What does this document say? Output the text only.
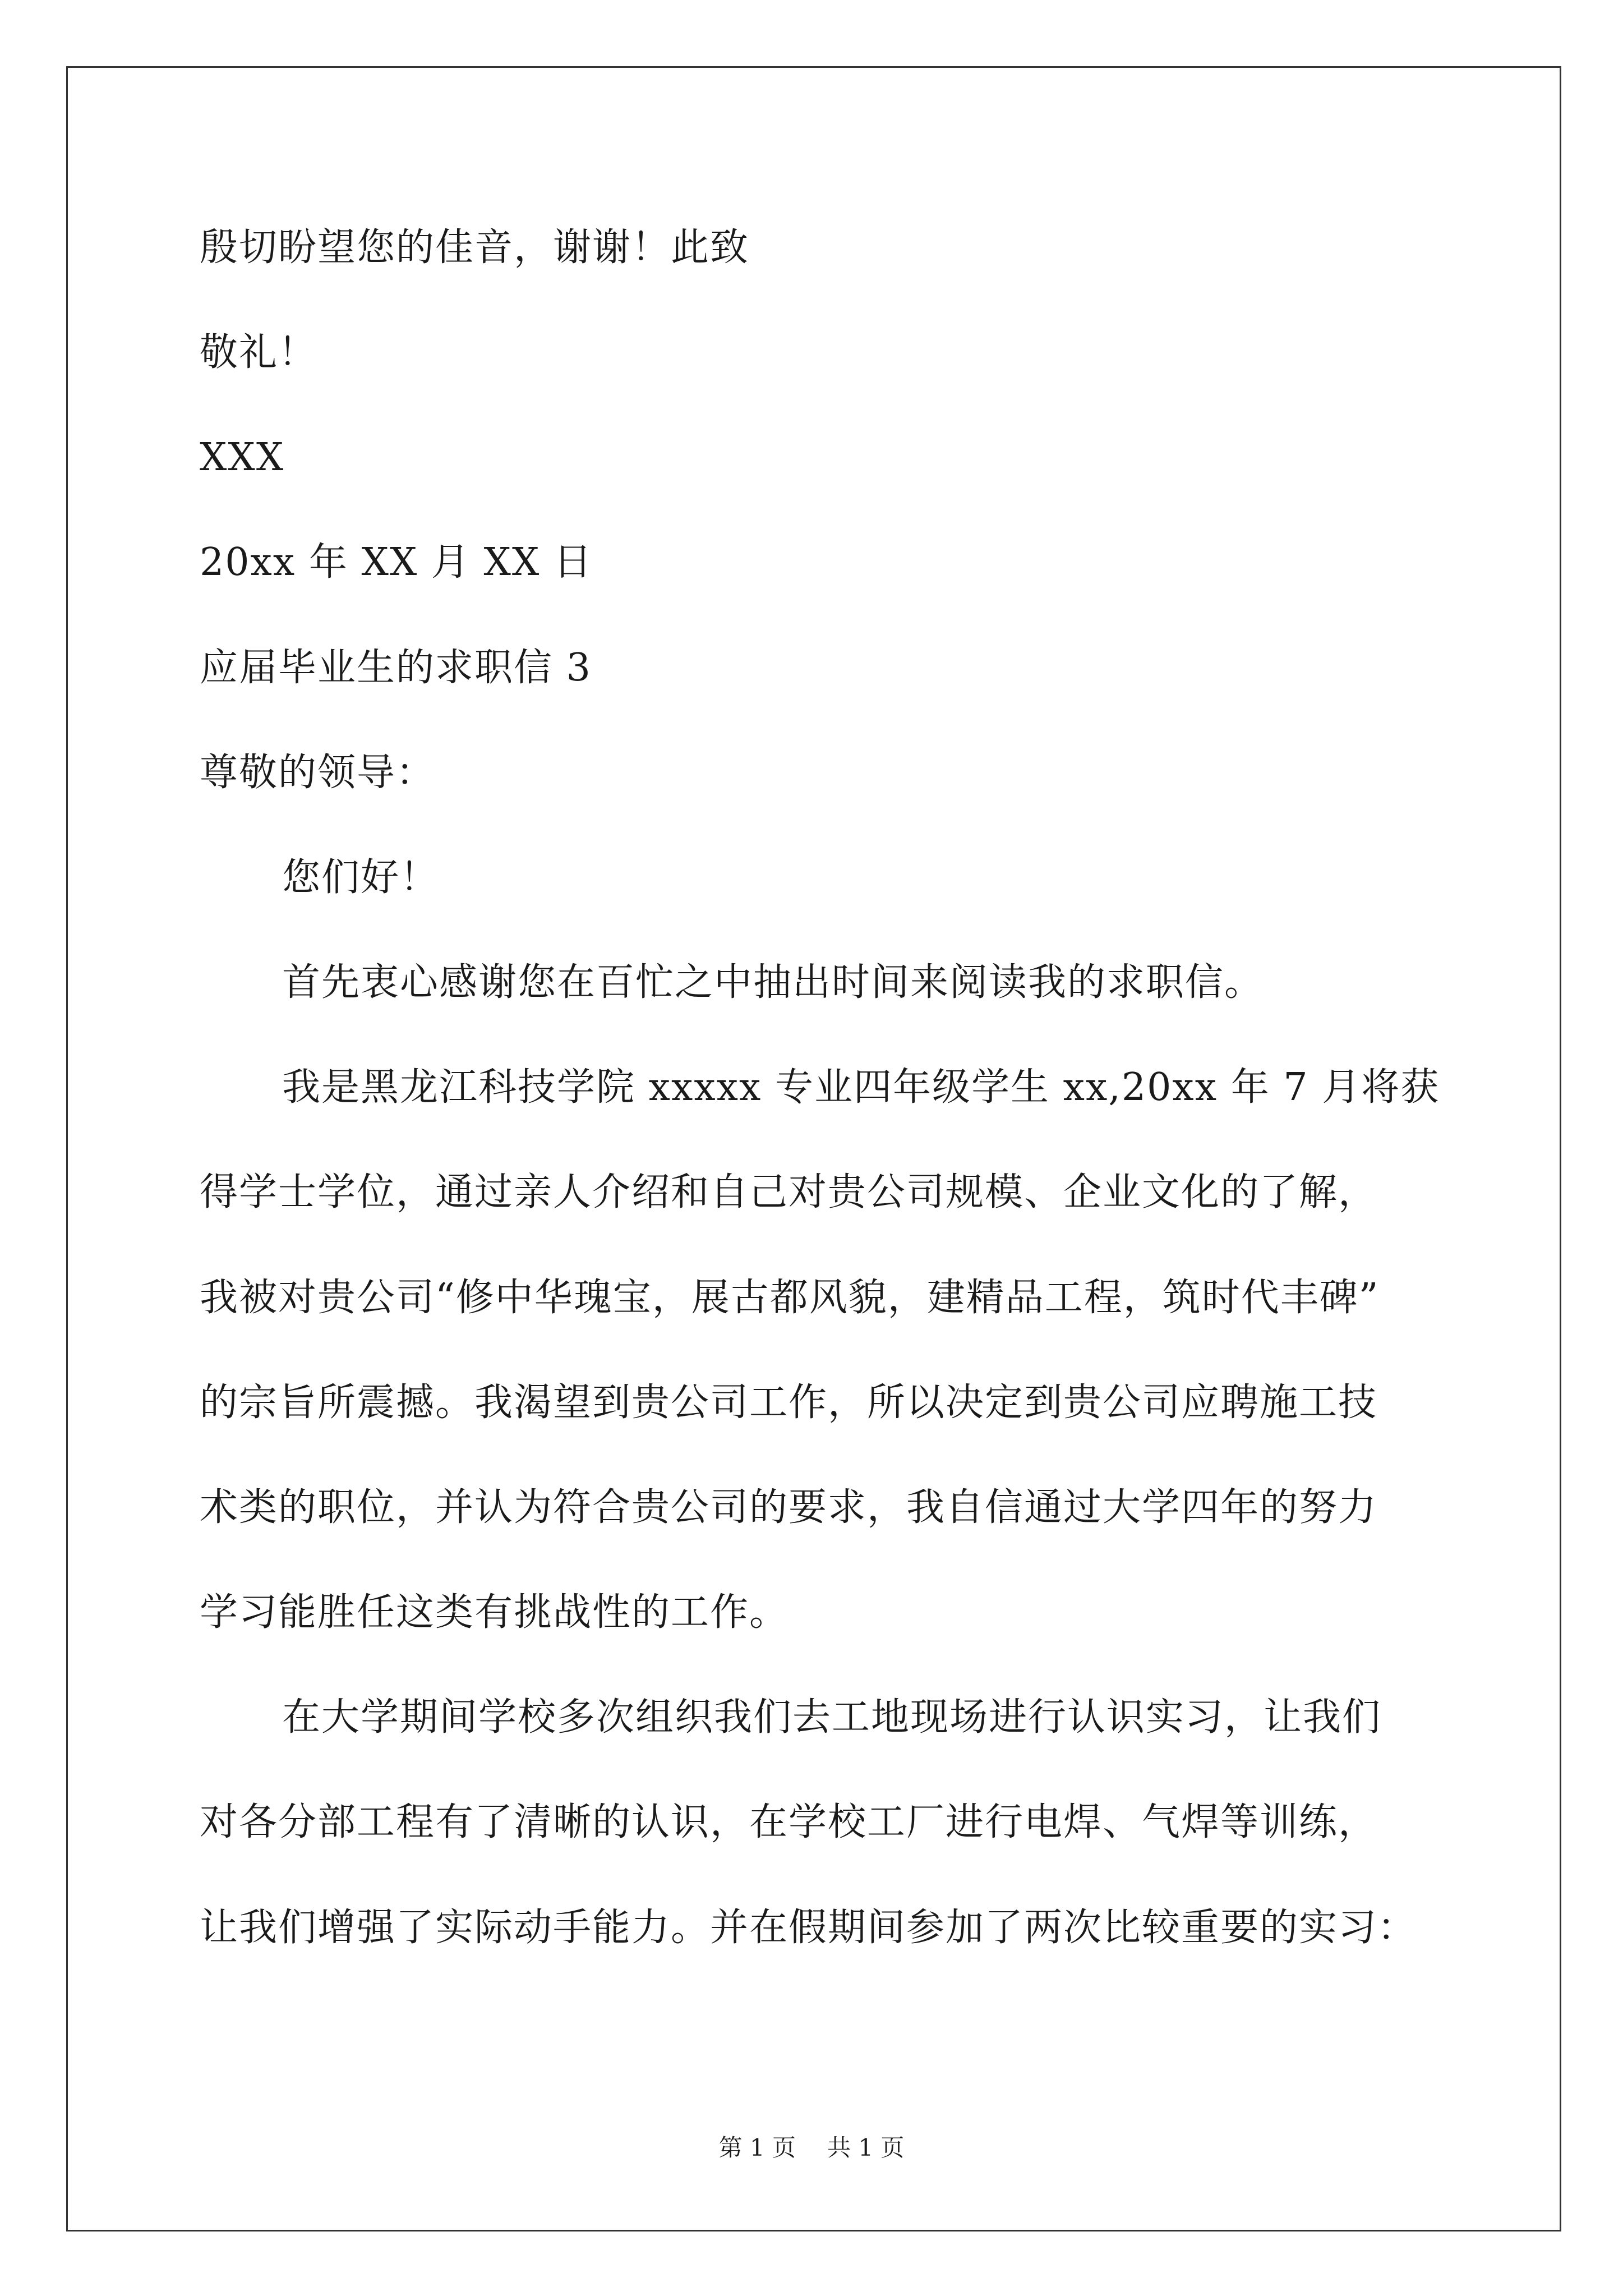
殷切盼望您的佳音，谢谢！此致
敬礼！
XXX
20xx 年 XX 月 XX 日
应届毕业生的求职信 3
尊敬的领导：
您们好！
首先衷心感谢您在百忙之中抽出时间来阅读我的求职信。
我是黑龙江科技学院 xxxxx 专业四年级学生 xx,20xx 年 7 月将获
得学士学位，通过亲人介绍和自己对贵公司规模、企业文化的了解，
我被对贵公司“修中华瑰宝，展古都风貌，建精品工程，筑时代丰碑”
的宗旨所震撼。我渴望到贵公司工作，所以决定到贵公司应聘施工技
术类的职位，并认为符合贵公司的要求，我自信通过大学四年的努力
学习能胜任这类有挑战性的工作。
在大学期间学校多次组织我们去工地现场进行认识实习，让我们
对各分部工程有了清晰的认识，在学校工厂进行电焊、气焊等训练，
让我们增强了实际动手能力。并在假期间参加了两次比较重要的实习：
第 1 页 共 1 页
